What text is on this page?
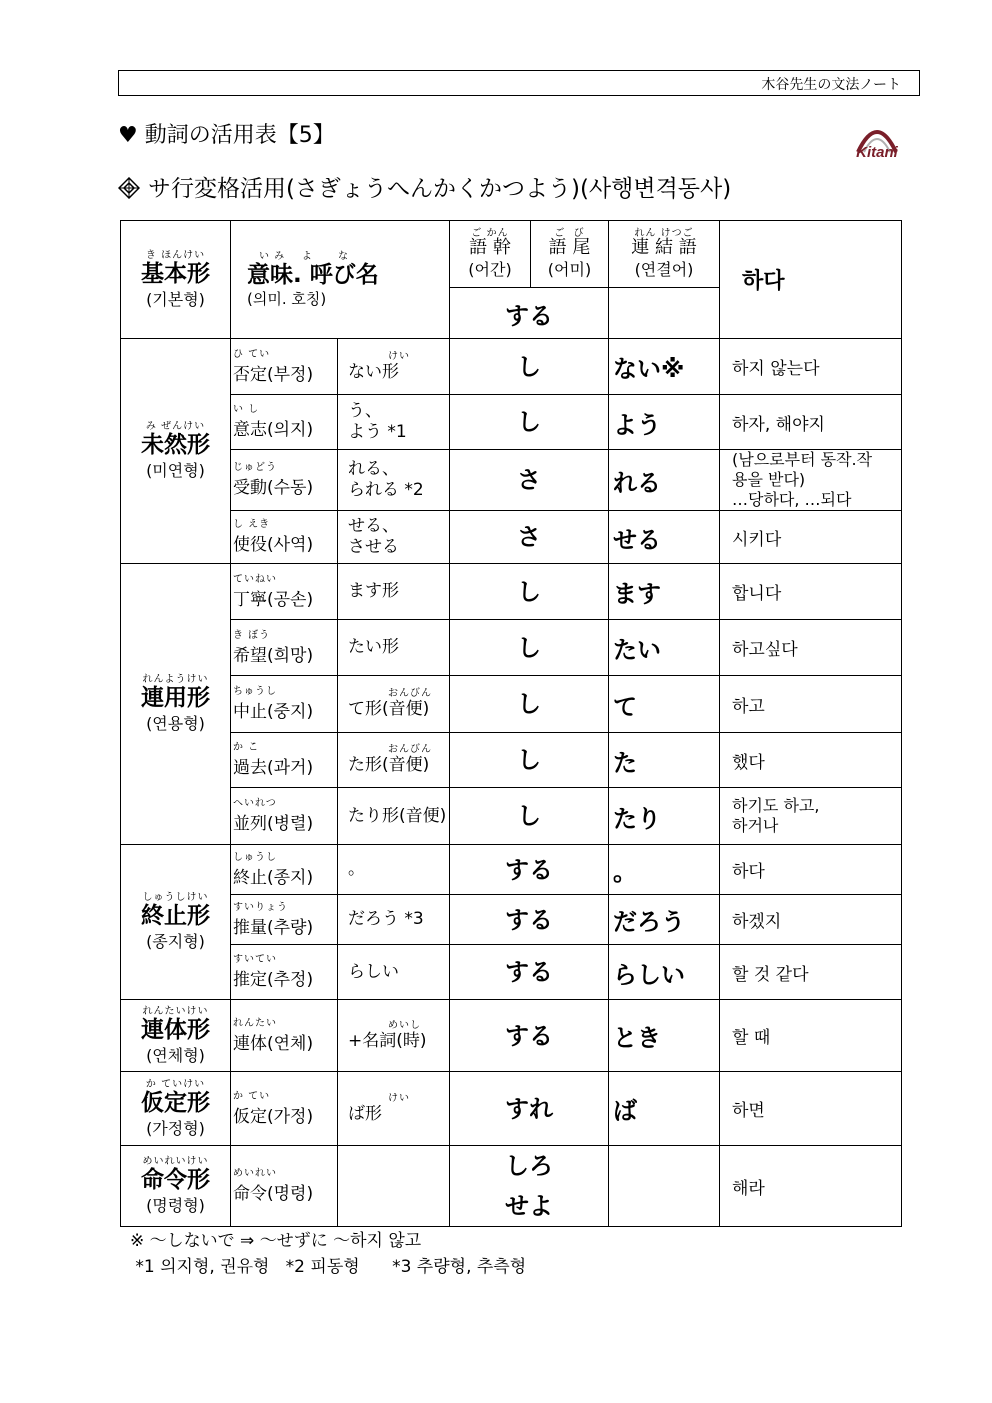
木谷先生の文法ノート
♥ 動詞の活用表【5】
Kitani
サ行変格活用(さぎょうへんかくかつよう)(사행변격동사)
き ほんけい
基本形
(기본형)	い み    よ      な
意味. 呼び名
(의미. 호칭)		ご かん
語 幹
(어간)	ご  び
語 尾
(어미)	れん けつご
連 結 語
(연결어)	하다
			する			

み ぜんけい
未然形
(미연형)	ひ てい
否定(부정)	けい
ない形	し		ない※	하지 않는다

	い し
意志(의지)	う、
よう *1	し		よう	하자, 해야지

	じゅどう
受動(수동)	れる、
られる *2	さ		れる	(남으로부터 동작.작
용을 받다)
…당하다, …되다

	し えき
使役(사역)	せる、
させる	さ		せる	시키다

れんようけい
連用形
(연용형)	ていねい
丁寧(공손)	ます形	し		ます	합니다

	き ぼう
希望(희망)	たい形	し		たい	하고싶다

	ちゅうし
中止(중지)	おんびん
て形(音便)	し		て	하고

	か こ
過去(과거)	おんびん
た形(音便)	し		た	했다

	へいれつ
並列(병렬)	たり形(音便)	し		たり	하기도 하고,
하거나

しゅうしけい
終止形
(종지형)	しゅうし
終止(종지)	。	する		。	하다

	すいりょう
推量(추량)	だろう *3	する		だろう	하겠지

	すいてい
推定(추정)	らしい	する		らしい	할 것 같다

れんたいけい
連体形
(연체형)	れんたい
連体(연체)	めいし
+名詞(時)	する		とき	할 때

か ていけい
仮定形
(가정형)	か てい
仮定(가정)	けい
ば形	すれ		ば	하면

めいれいけい
命令形
(명령형)	めいれい
命令(명령)		しろ
せよ			해라
※ ～しないで ⇒ ～せずに ～하지 않고
*1 의지형, 권유형   *2 피동형      *3 추량형, 추측형
